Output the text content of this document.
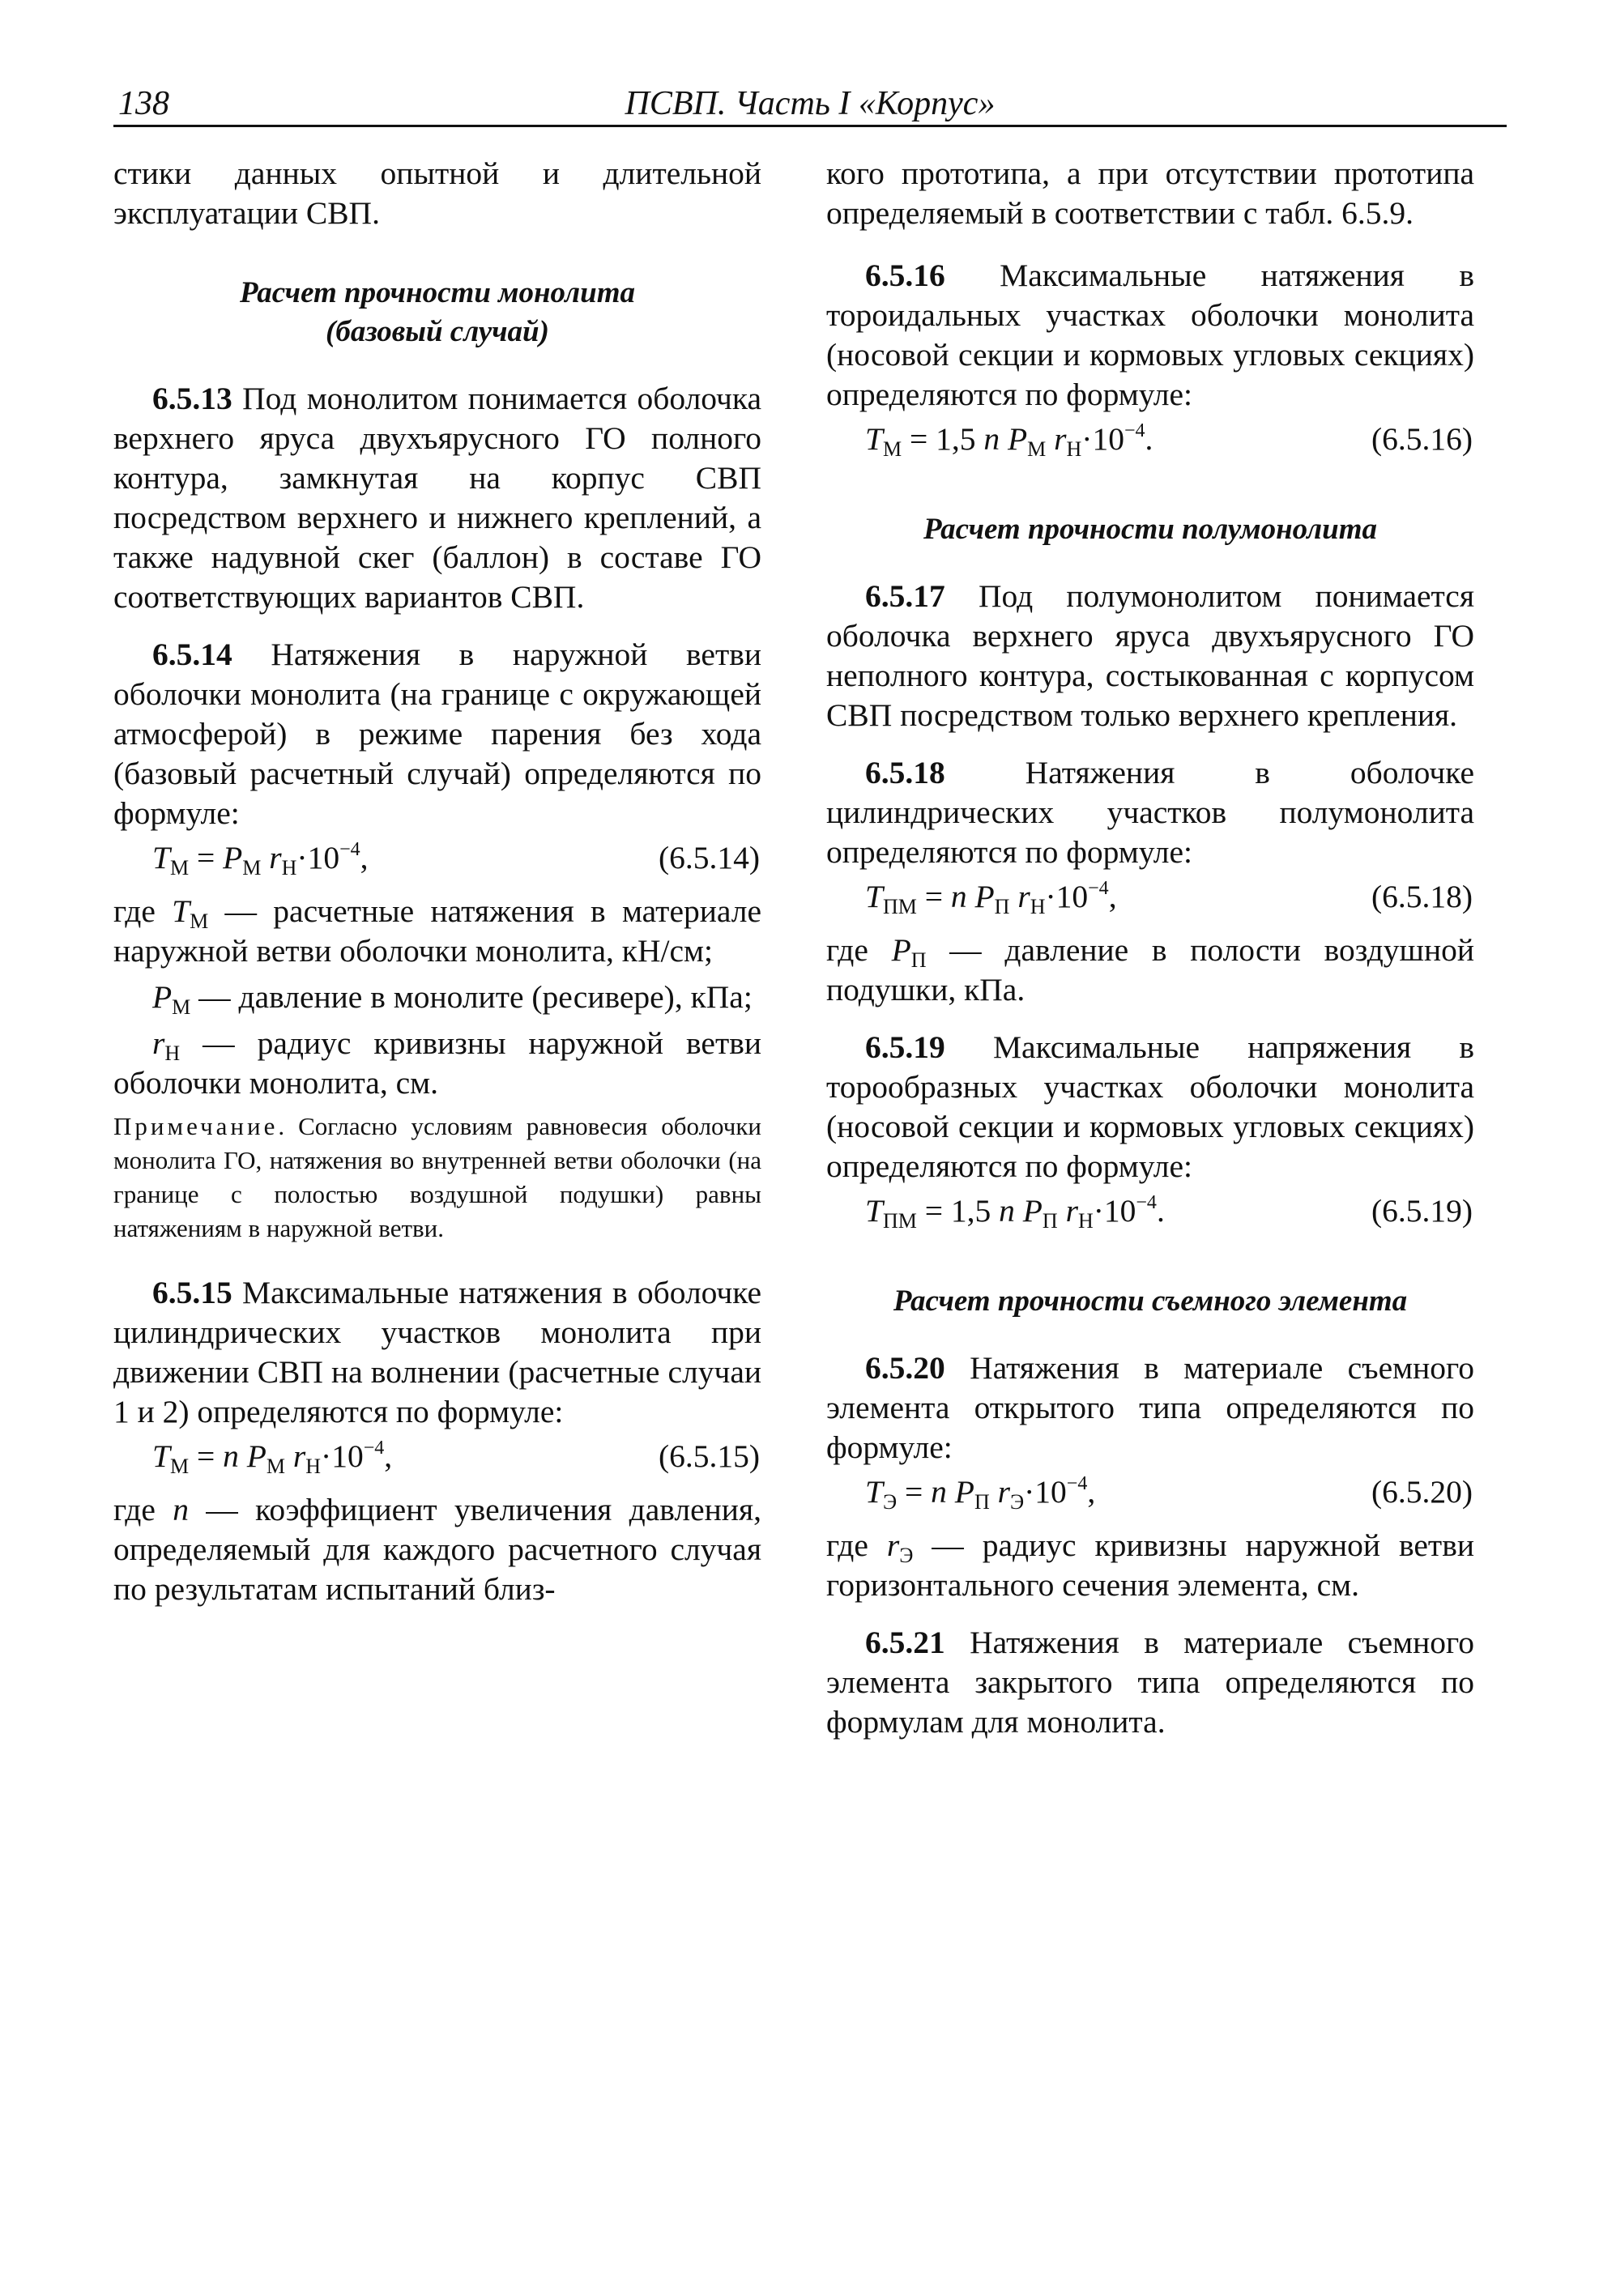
138	ПСВП. Часть I «Корпус»

стики данных опытной и длительной эксплуатации СВП.

Расчет прочности монолита
(базовый случай)

6.5.13 Под монолитом понимается оболочка верхнего яруса двухъярусного ГО полного контура, замкнутая на корпус СВП посредством верхнего и нижнего креплений, а также надувной скег (баллон) в составе ГО соответствующих вариантов СВП.

6.5.14 Натяжения в наружной ветви оболочки монолита (на границе с окружающей атмосферой) в режиме парения без хода (базовый расчетный случай) определяются по формуле:

$T_М = P_М$ $r_Н\cdot 10^{-4}$,	(6.5.14)

где $T_М$ — расчетные натяжения в материале наружной ветви оболочки монолита, кН/см;

$P_М$ — давление в монолите (ресивере), кПа;

$r_Н$ — радиус кривизны наружной ветви оболочки монолита, см.

Примечание. Согласно условиям равновесия оболочки монолита ГО, натяжения во внутренней ветви оболочки (на границе с полостью воздушной подушки) равны натяжениям в наружной ветви.

6.5.15 Максимальные натяжения в оболочке цилиндрических участков монолита при движении СВП на волнении (расчетные случаи 1 и 2) определяются по формуле:

$T_М = n$ $P_М$ $r_Н\cdot 10^{-4}$,	(6.5.15)

где n — коэффициент увеличения давления, определяемый для каждого расчетного случая по результатам испытаний близ-

кого прототипа, а при отсутствии прототипа определяемый в соответствии с табл. 6.5.9.

6.5.16 Максимальные натяжения в тороидальных участках оболочки монолита (носовой секции и кормовых угловых секциях) определяются по формуле:

$T_М = 1,5$ n $P_М$ $r_Н\cdot 10^{-4}$.	(6.5.16)
Расчет прочности полумонолита

6.5.17 Под полумонолитом понимается оболочка верхнего яруса двухъярусного ГО неполного контура, состыкованная с корпусом СВП посредством только верхнего крепления.

6.5.18 Натяжения в оболочке цилиндрических участков полумонолита определяются по формуле:

$T_{ПМ} = n$ $P_П$ $r_Н\cdot 10^{-4}$,	(6.5.18)

где $P_П$ — давление в полости воздушной подушки, кПа.

6.5.19 Максимальные напряжения в торообразных участках оболочки монолита (носовой секции и кормовых угловых секциях) определяются по формуле:

$T_{ПМ} = 1,5$ n $P_П$ $r_Н\cdot 10^{-4}$.	(6.5.19)
Расчет прочности съемного элемента

6.5.20 Натяжения в материале съемного элемента открытого типа определяются по формуле:

$T_Э = n$ $P_П$ $r_Э\cdot 10^{-4}$,	(6.5.20)

где $r_Э$ — радиус кривизны наружной ветви горизонтального сечения элемента, см.

6.5.21 Натяжения в материале съемного элемента закрытого типа определяются по формулам для монолита.
